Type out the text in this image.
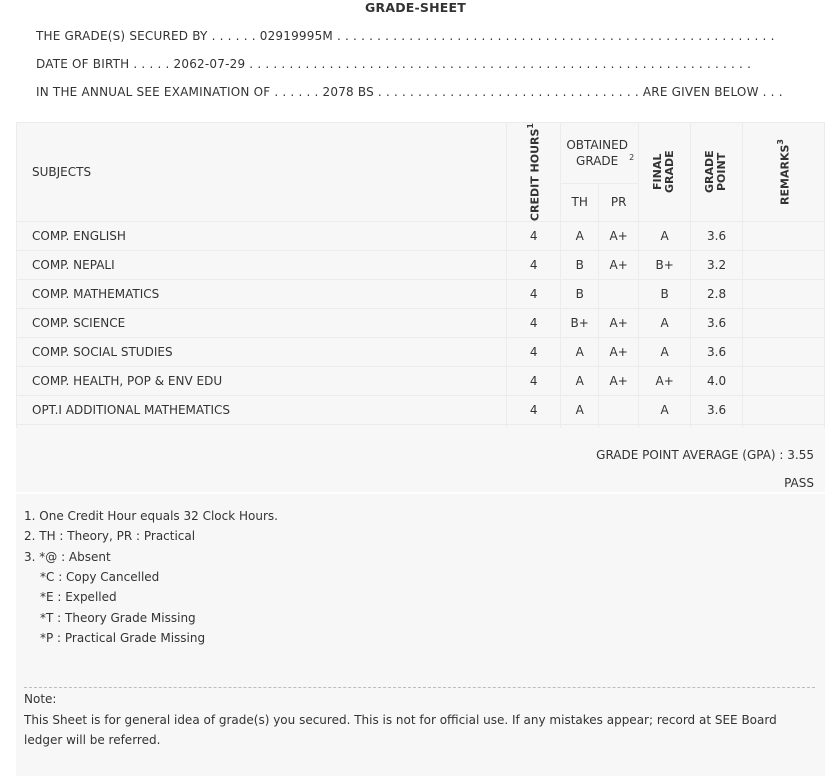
GRADE-SHEET
THE GRADE(S) SECURED BY . . . . . . 02919995M . . . . . . . . . . . . . . . . . . . . . . . . . . . . . . . . . . . . . . . . . . . . . . . . . . . . . . .
DATE OF BIRTH . . . . . 2062-07-29 . . . . . . . . . . . . . . . . . . . . . . . . . . . . . . . . . . . . . . . . . . . . . . . . . . . . . . . . . . . . . . .
IN THE ANNUAL SEE EXAMINATION OF . . . . . . 2078 BS . . . . . . . . . . . . . . . . . . . . . . . . . . . . . . . . . ARE GIVEN BELOW . . .
SUBJECTS	CREDIT HOURS$^1$	OBTAINED GRADE $^2$		FINAL GRADE	GRADE POINT	REMARKS$^3$

		TH	PR			
COMP. ENGLISH	4	A	A+	A	3.6	
COMP. NEPALI	4	B	A+	B+	3.2	
COMP. MATHEMATICS	4	B		B	2.8	
COMP. SCIENCE	4	B+	A+	A	3.6	
COMP. SOCIAL STUDIES	4	A	A+	A	3.6	
COMP. HEALTH, POP & ENV EDU	4	A	A+	A+	4.0	
OPT.I ADDITIONAL MATHEMATICS	4	A		A	3.6	

GRADE POINT AVERAGE (GPA) : 3.55
PASS
1. One Credit Hour equals 32 Clock Hours.
2. TH : Theory, PR : Practical
3. *@ : Absent
*C : Copy Cancelled
*E : Expelled
*T : Theory Grade Missing
*P : Practical Grade Missing
Note:
This Sheet is for general idea of grade(s) you secured. This is not for official use. If any mistakes appear; record at SEE Board ledger will be referred.
